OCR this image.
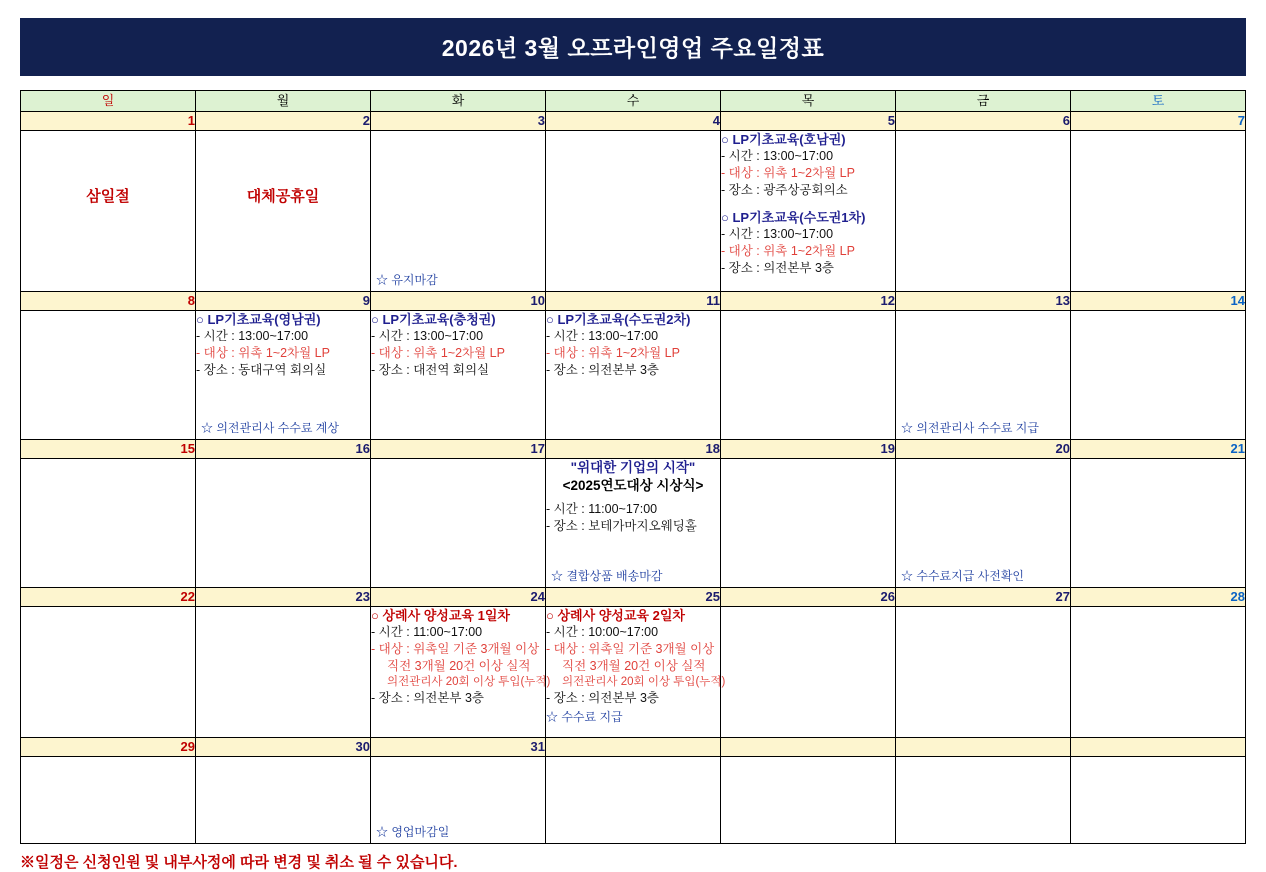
2026년 3월 오프라인영업 주요일정표
일	월	화	수	목	금	토
1	2	3	4	5	6	7

삼일절	대체공휴일

☆ 유지마감

○ LP기초교육(호남권)
- 시간 : 13:00~17:00
- 대상 : 위촉 1~2차월 LP
- 장소 : 광주상공회의소
○ LP기초교육(수도권1차)
- 시간 : 13:00~17:00
- 대상 : 위촉 1~2차월 LP
- 장소 : 의전본부 3층

8	9	10	11	12	13	14

○ LP기초교육(영남권)
- 시간 : 13:00~17:00
- 대상 : 위촉 1~2차월 LP
- 장소 : 동대구역 회의실
☆ 의전관리사 수수료 계상

○ LP기초교육(충청권)
- 시간 : 13:00~17:00
- 대상 : 위촉 1~2차월 LP
- 장소 : 대전역 회의실

○ LP기초교육(수도권2차)
- 시간 : 13:00~17:00
- 대상 : 위촉 1~2차월 LP
- 장소 : 의전본부 3층

☆ 의전관리사 수수료 지급

15	16	17	18	19	20	21

			"위대한 기업의 시작"
<2025연도대상 시상식>
- 시간 : 11:00~17:00
- 장소 : 보테가마지오웨딩홀
☆ 결합상품 배송마감		☆ 수수료지급 사전확인	

22	23	24	25	26	27	28

○ 상례사 양성교육 1일차
- 시간 : 11:00~17:00
- 대상 : 위촉일 기준 3개월 이상
직전 3개월 20건 이상 실적
의전관리사 20회 이상 투입(누적)
- 장소 : 의전본부 3층

○ 상례사 양성교육 2일차
- 시간 : 10:00~17:00
- 대상 : 위촉일 기준 3개월 이상
직전 3개월 20건 이상 실적
의전관리사 20회 이상 투입(누적)
- 장소 : 의전본부 3층
☆ 수수료 지급

29	30	31				

		☆ 영업마감일				

※일정은 신청인원 및 내부사정에 따라 변경 및 취소 될 수 있습니다.
